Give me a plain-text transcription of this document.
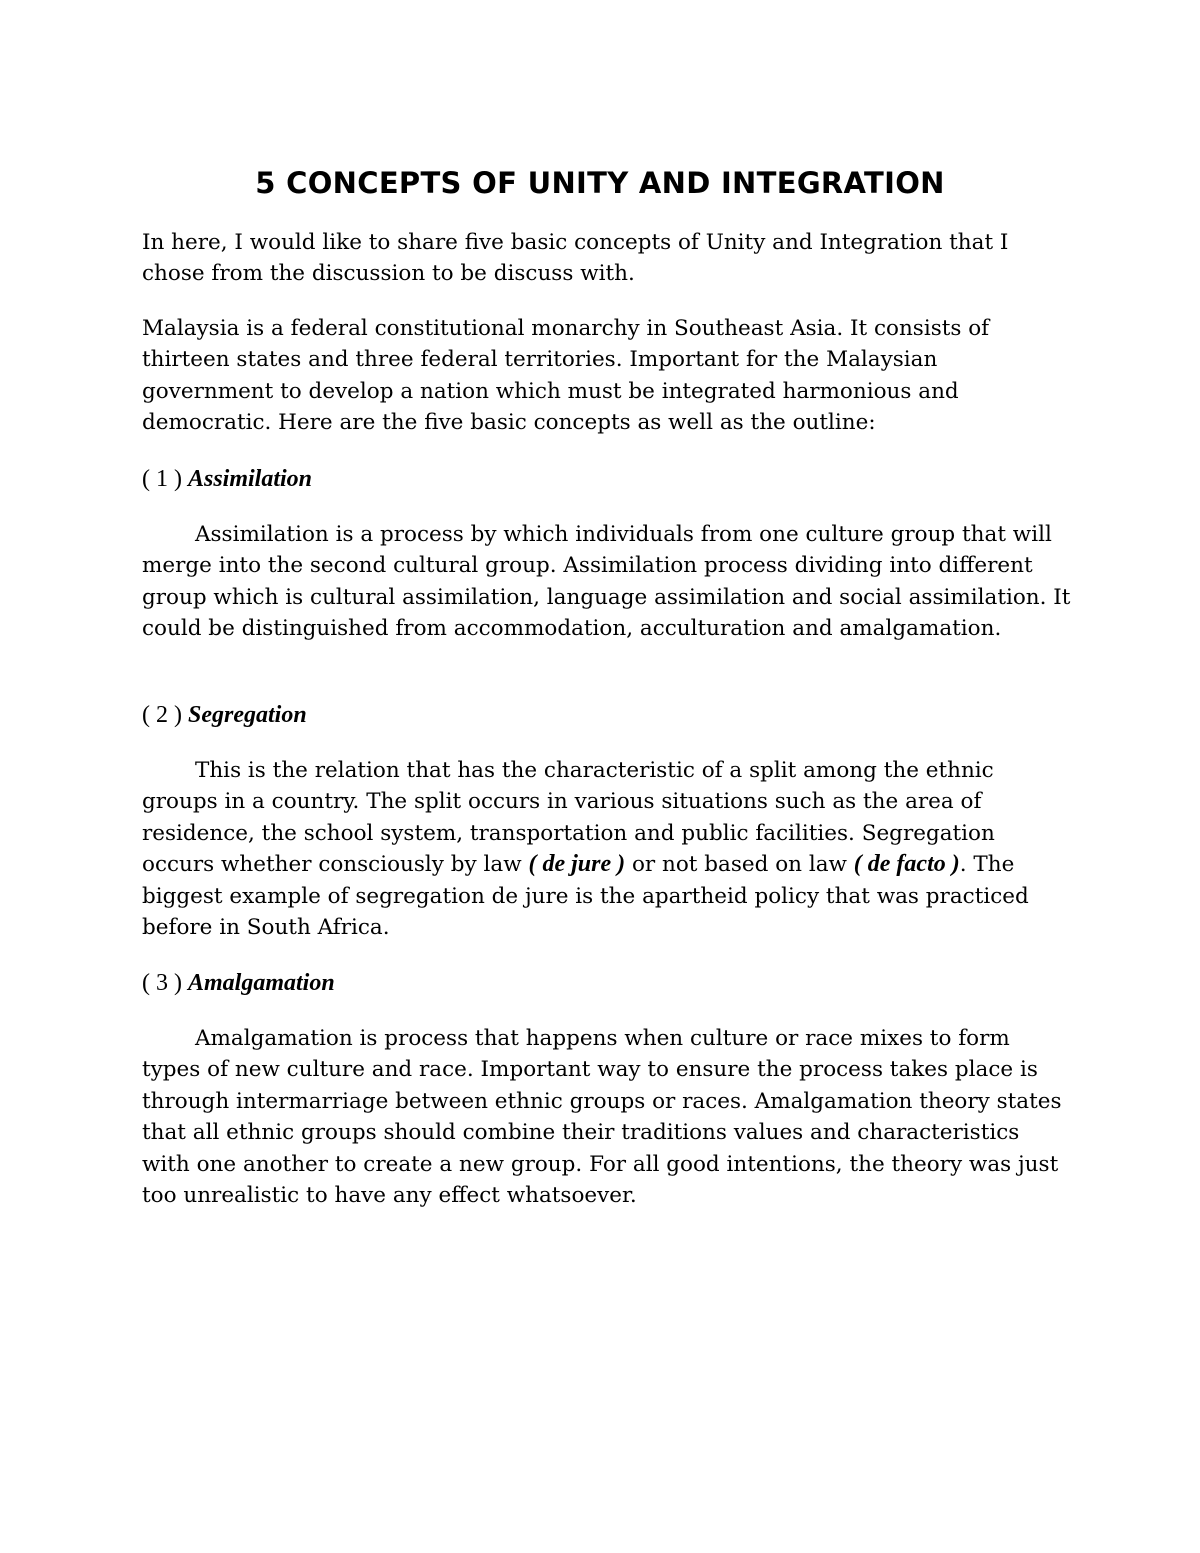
5 CONCEPTS OF UNITY AND INTEGRATION

In here, I would like to share five basic concepts of Unity and Integration that I chose from the discussion to be discuss with.

Malaysia is a federal constitutional monarchy in Southeast Asia. It consists of thirteen states and three federal territories. Important for the Malaysian government to develop a nation which must be integrated harmonious and democratic. Here are the five basic concepts as well as the outline:

( 1 ) Assimilation

Assimilation is a process by which individuals from one culture group that will merge into the second cultural group. Assimilation process dividing into different group which is cultural assimilation, language assimilation and social assimilation. It could be distinguished from accommodation, acculturation and amalgamation.

( 2 ) Segregation

This is the relation that has the characteristic of a split among the ethnic groups in a country. The split occurs in various situations such as the area of residence, the school system, transportation and public facilities. Segregation occurs whether consciously by law ( de jure ) or not based on law ( de facto ). The biggest example of segregation de jure is the apartheid policy that was practiced before in South Africa.

( 3 ) Amalgamation

Amalgamation is process that happens when culture or race mixes to form types of new culture and race. Important way to ensure the process takes place is through intermarriage between ethnic groups or races. Amalgamation theory states that all ethnic groups should combine their traditions values and characteristics with one another to create a new group. For all good intentions, the theory was just too unrealistic to have any effect whatsoever.
